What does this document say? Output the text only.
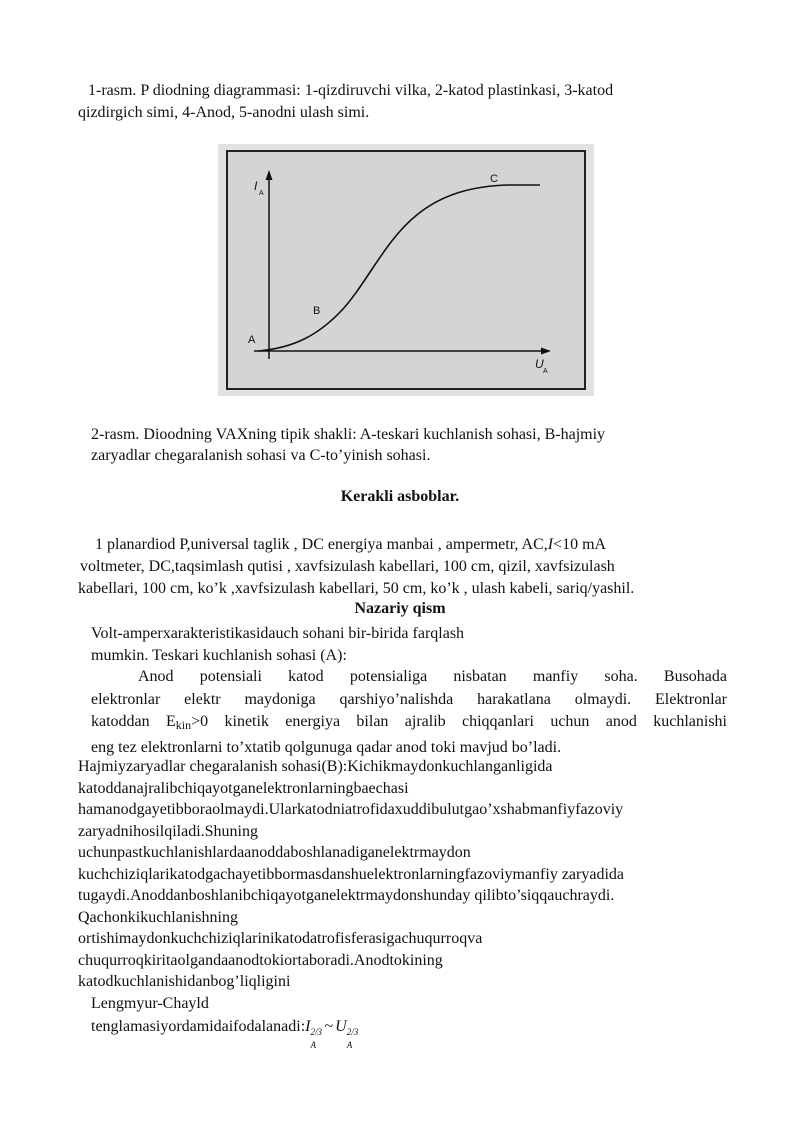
1-rasm. P diodning diagrammasi: 1-qizdiruvchi vilka, 2-katod plastinkasi, 3-katod
qizdirgich simi, 4-Anod, 5-anodni ulash simi.
I
A
A
B
C
U
A
2-rasm. Dioodning VAXning tipik shakli: A-teskari kuchlanish sohasi, B-hajmiy
zaryadlar chegaralanish sohasi va C-to’yinish sohasi.
Kerakli asboblar.
1 planardiod P,universal taglik , DC energiya manbai , ampermetr, AC,I<10 mA
voltmeter, DC,taqsimlash qutisi , xavfsizulash kabellari, 100 cm, qizil, xavfsizulash
kabellari, 100 cm, ko’k ,xavfsizulash kabellari, 50 cm, ko’k , ulash kabeli, sariq/yashil.
Nazariy qism
Volt-amperxarakteristikasidauch sohani bir-birida farqlash
mumkin. Teskari kuchlanish sohasi (A):
Anod potensiali katod potensialiga nisbatan manfiy soha. Busohada
elektronlar elektr maydoniga qarshiyo’nalishda harakatlana olmaydi. Elektronlar
katoddan $E_{kin}>0$ kinetik energiya bilan ajralib chiqqanlari uchun anod kuchlanishi
eng tez elektronlarni to’xtatib qolgunuga qadar anod toki mavjud bo’ladi.
Hajmiyzaryadlar chegaralanish sohasi(B):Kichikmaydonkuchlanganligida
katoddanajralibchiqayotganelektronlarningbaechasi
hamanodgayetibboraolmaydi.Ularkatodniatrofidaxuddibulutgao’xshabmanfiyfazoviy
zaryadnihosilqiladi.Shuning
uchunpastkuchlanishlardaanoddaboshlanadiganelektrmaydon
kuchchiziqlarikatodgachayetibbormasdanshuelektronlarningfazoviymanfiy zaryadida
tugaydi.Anoddanboshlanibchiqayotganelektrmaydonshunday qilibto’siqqauchraydi.
Qachonkikuchlanishning
ortishimaydonkuchchiziqlarinikatodatrofisferasigachuqurroqva
chuqurroqkiritaolgandaanodtokiortaboradi.Anodtokining
katodkuchlanishidanbog’liqligini
Lengmyur-Chayld
tenglamasiyordamidaifodalanadi:I 2/3
A
~ U 2/3
A
